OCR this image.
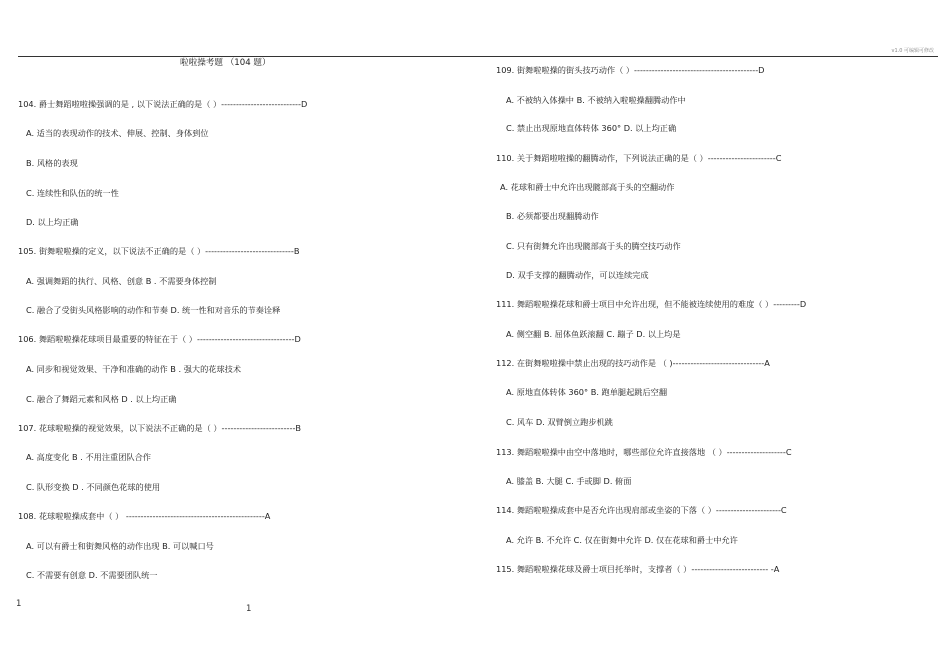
v1.0 可编辑可修改
啦啦操考题 （104 题）
104. 爵士舞蹈啦啦操强调的是 , 以下说法正确的是（ ）---------------------------D
A. 适当的表现动作的技术、伸展、控制、身体到位
B. 风格的表现
C. 连续性和队伍的统一性
D. 以上均正确
105. 街舞啦啦操的定义，以下说法不正确的是（ ）------------------------------B
A. 强调舞蹈的执行、风格、创意 B . 不需要身体控制
C. 融合了受街头风格影响的动作和节奏 D. 统一性和对音乐的节奏诠释
106. 舞蹈啦啦操花球项目最重要的特征在于（ ）---------------------------------D
A. 同步和视觉效果、干净和准确的动作 B . 强大的花球技术
C. 融合了舞蹈元素和风格 D . 以上均正确
107. 花球啦啦操的视觉效果，以下说法不正确的是（ ）-------------------------B
A. 高度变化 B . 不用注重团队合作
C. 队形变换 D . 不同颜色花球的使用
108. 花球啦啦操成套中（ ） -----------------------------------------------A
A. 可以有爵士和街舞风格的动作出现 B. 可以喊口号
C. 不需要有创意 D. 不需要团队统一
109. 街舞啦啦操的街头技巧动作（ ）------------------------------------------D
A. 不被纳入体操中 B. 不被纳入啦啦操翻腾动作中
C. 禁止出现原地直体转体 360° D. 以上均正确
110. 关于舞蹈啦啦操的翻腾动作，下列说法正确的是（ ）-----------------------C
A. 花球和爵士中允许出现髋部高于头的空翻动作
B. 必须都要出现翻腾动作
C. 只有街舞允许出现髋部高于头的腾空技巧动作
D. 双手支撑的翻腾动作，可以连续完成
111. 舞蹈啦啦操花球和爵士项目中允许出现，但不能被连续使用的难度（ ）---------D
A. 侧空翻 B. 屈体鱼跃滚翻 C. 蹦子 D. 以上均是
112. 在街舞啦啦操中禁止出现的技巧动作是 （ )-------------------------------A
A. 原地直体转体 360° B. 跑单腿起跳后空翻
C. 风车 D. 双臂倒立跑步机跳
113. 舞蹈啦啦操中由空中落地时，哪些部位允许直接落地 （ ）--------------------C
A. 膝盖 B. 大腿 C. 手或脚 D. 俯面
114. 舞蹈啦啦操成套中是否允许出现肩部或坐姿的下落（ ）----------------------C
A. 允许 B. 不允许 C. 仅在街舞中允许 D. 仅在花球和爵士中允许
115. 舞蹈啦啦操花球及爵士项目托举时，支撑者（ ）-------------------------- -A
1	1
